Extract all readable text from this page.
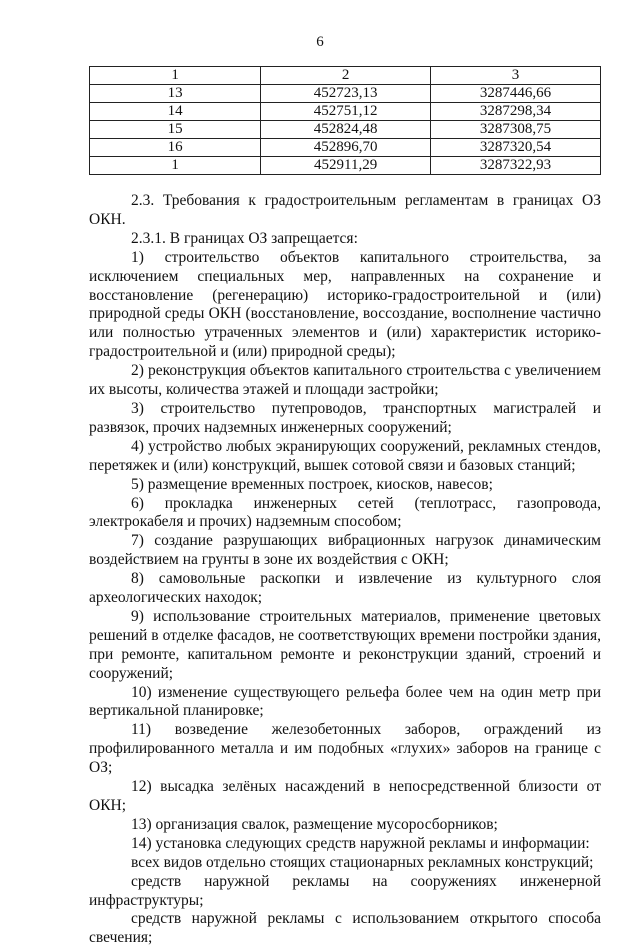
6
1	2	3
13	452723,13	3287446,66
14	452751,12	3287298,34
15	452824,48	3287308,75
16	452896,70	3287320,54
1	452911,29	3287322,93

2.3. Требования к градостроительным регламентам в границах ОЗ ОКН.

2.3.1. В границах ОЗ запрещается:

1) строительство объектов капитального строительства, за исключением специальных мер, направленных на сохранение и восстановление (регенерацию) историко-градостроительной и (или) природной среды ОКН (восстановление, воссоздание, восполнение частично или полностью утраченных элементов и (или) характеристик историко-градостроительной и (или) природной среды);

2) реконструкция объектов капитального строительства с увеличением их высоты, количества этажей и площади застройки;

3) строительство путепроводов, транспортных магистралей и развязок, прочих надземных инженерных сооружений;

4) устройство любых экранирующих сооружений, рекламных стендов, перетяжек и (или) конструкций, вышек сотовой связи и базовых станций;

5) размещение временных построек, киосков, навесов;

6) прокладка инженерных сетей (теплотрасс, газопровода, электрокабеля и прочих) надземным способом;

7) создание разрушающих вибрационных нагрузок динамическим воздействием на грунты в зоне их воздействия с ОКН;

8) самовольные раскопки и извлечение из культурного слоя археологических находок;

9) использование строительных материалов, применение цветовых решений в отделке фасадов, не соответствующих времени постройки здания, при ремонте, капитальном ремонте и реконструкции зданий, строений и сооружений;

10) изменение существующего рельефа более чем на один метр при вертикальной планировке;

11) возведение железобетонных заборов, ограждений из профилированного металла и им подобных «глухих» заборов на границе с ОЗ;

12) высадка зелёных насаждений в непосредственной близости от ОКН;

13) организация свалок, размещение мусоросборников;

14) установка следующих средств наружной рекламы и информации:

всех видов отдельно стоящих стационарных рекламных конструкций;

средств наружной рекламы на сооружениях инженерной инфраструктуры;

средств наружной рекламы с использованием открытого способа свечения;
